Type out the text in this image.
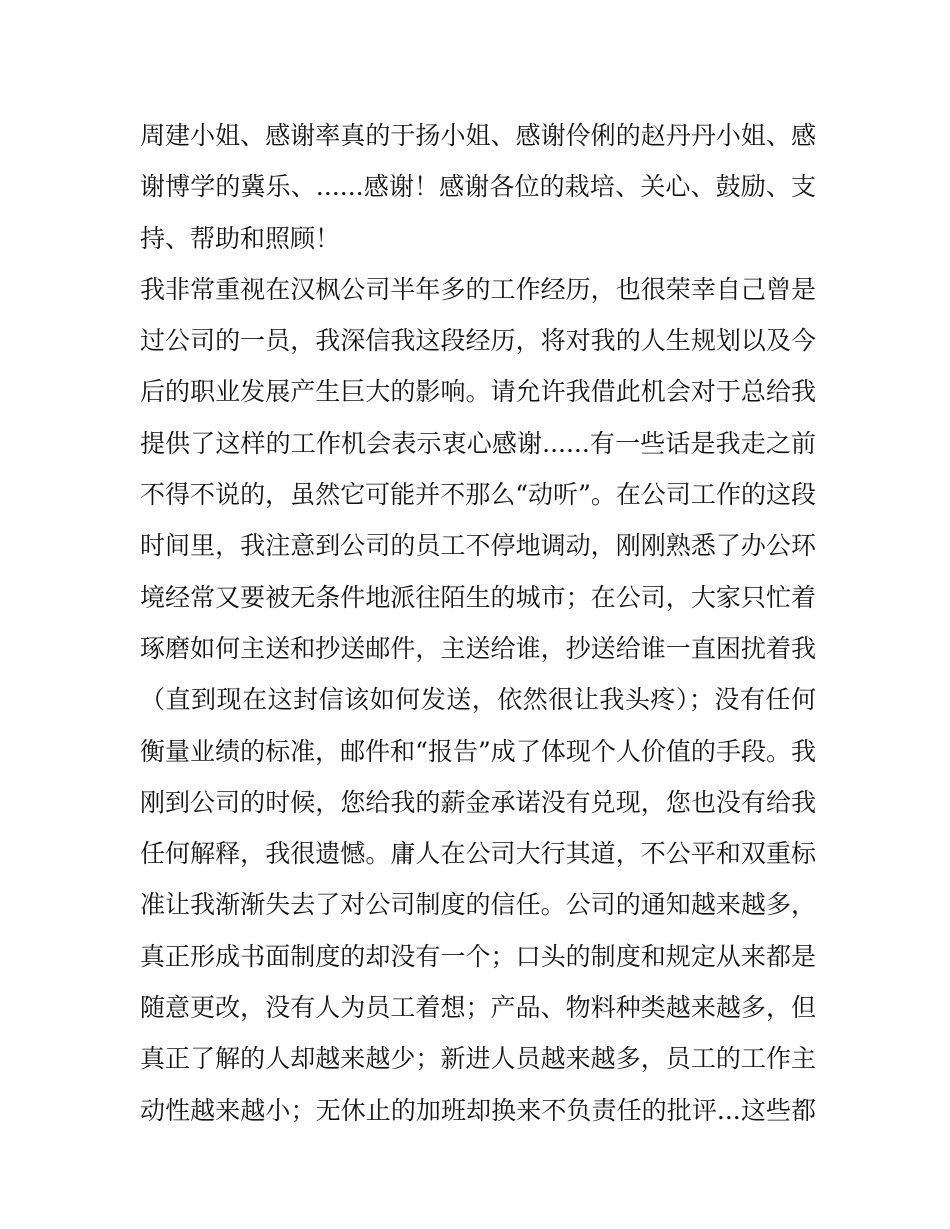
周建小姐、感谢率真的于扬小姐、感谢伶俐的赵丹丹小姐、感
谢博学的冀乐、......感谢！感谢各位的栽培、关心、鼓励、支
持、帮助和照顾！
我非常重视在汉枫公司半年多的工作经历，也很荣幸自己曾是
过公司的一员，我深信我这段经历，将对我的人生规划以及今
后的职业发展产生巨大的影响。请允许我借此机会对于总给我
提供了这样的工作机会表示衷心感谢......有一些话是我走之前
不得不说的，虽然它可能并不那么“动听”。在公司工作的这段
时间里，我注意到公司的员工不停地调动，刚刚熟悉了办公环
境经常又要被无条件地派往陌生的城市；在公司，大家只忙着
琢磨如何主送和抄送邮件，主送给谁，抄送给谁一直困扰着我
（直到现在这封信该如何发送，依然很让我头疼）；没有任何
衡量业绩的标准，邮件和“报告”成了体现个人价值的手段。我
刚到公司的时候，您给我的薪金承诺没有兑现，您也没有给我
任何解释，我很遗憾。庸人在公司大行其道，不公平和双重标
准让我渐渐失去了对公司制度的信任。公司的通知越来越多，
真正形成书面制度的却没有一个；口头的制度和规定从来都是
随意更改，没有人为员工着想；产品、物料种类越来越多，但
真正了解的人却越来越少；新进人员越来越多，员工的工作主
动性越来越小；无休止的加班却换来不负责任的批评...这些都
